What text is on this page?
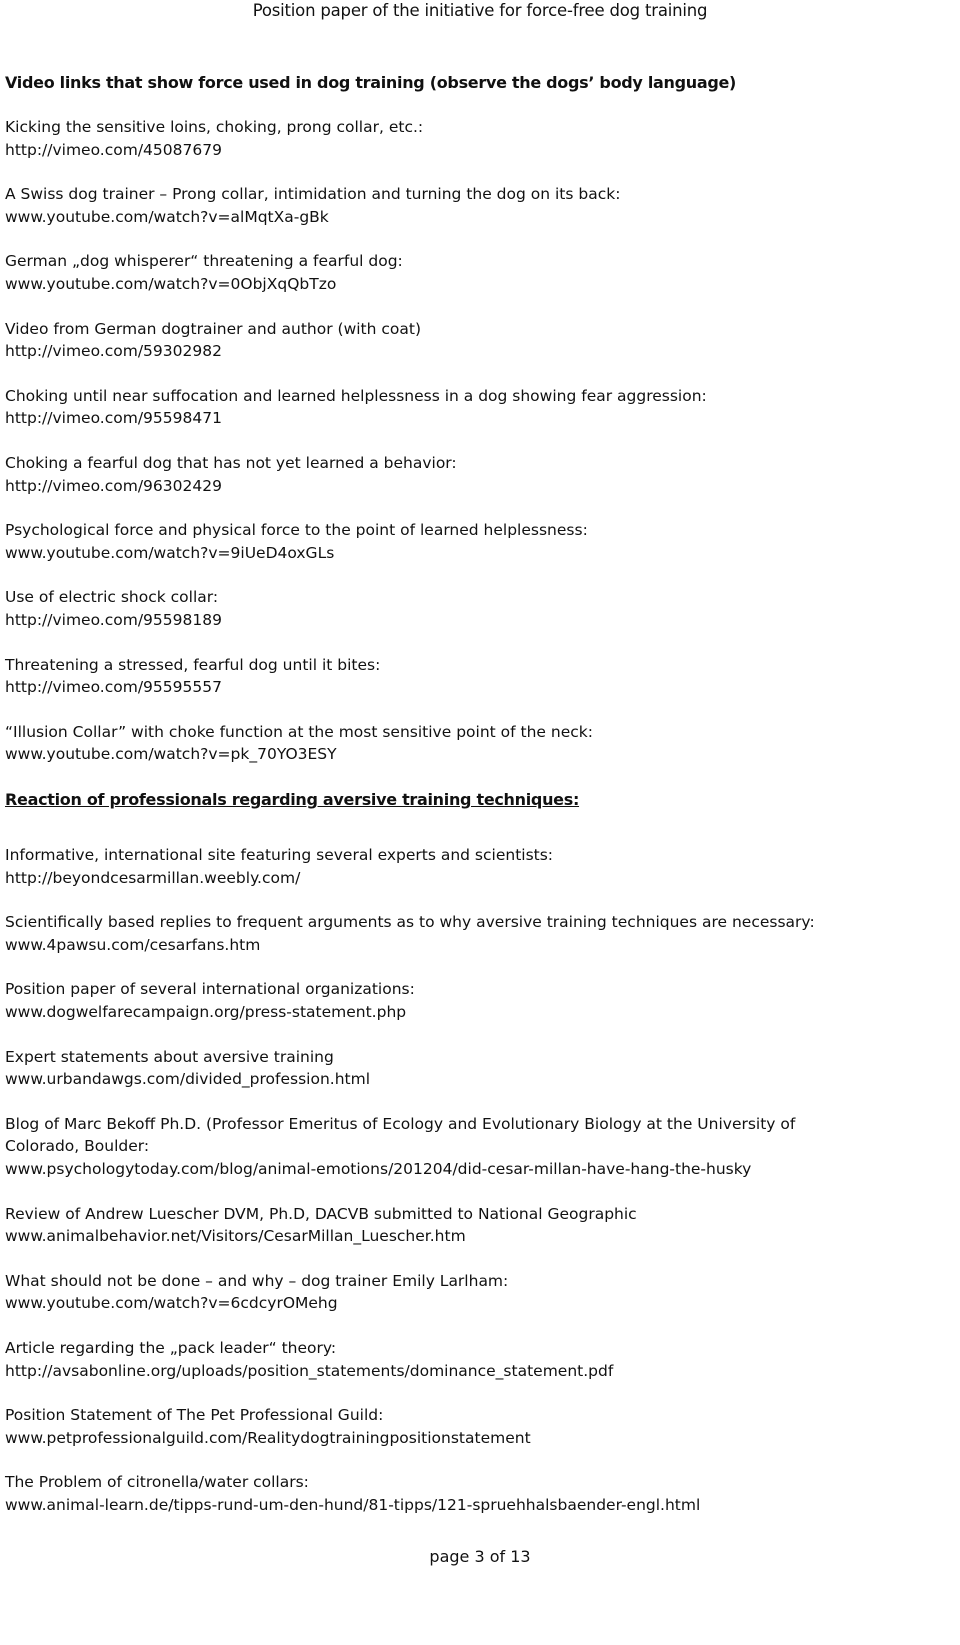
Position paper of the initiative for force-free dog training
Video links that show force used in dog training (observe the dogs’ body language)
Kicking the sensitive loins, choking, prong collar, etc.:
http://vimeo.com/45087679
A Swiss dog trainer – Prong collar, intimidation and turning the dog on its back:
www.youtube.com/watch?v=alMqtXa-gBk
German „dog whisperer“ threatening a fearful dog:
www.youtube.com/watch?v=0ObjXqQbTzo
Video from German dogtrainer and author (with coat)
http://vimeo.com/59302982
Choking until near suffocation and learned helplessness in a dog showing fear aggression:
http://vimeo.com/95598471
Choking a fearful dog that has not yet learned a behavior:
http://vimeo.com/96302429
Psychological force and physical force to the point of learned helplessness:
www.youtube.com/watch?v=9iUeD4oxGLs
Use of electric shock collar:
http://vimeo.com/95598189
Threatening a stressed, fearful dog until it bites:
http://vimeo.com/95595557
“Illusion Collar” with choke function at the most sensitive point of the neck:
www.youtube.com/watch?v=pk_70YO3ESY
Reaction of professionals regarding aversive training techniques:
Informative, international site featuring several experts and scientists:
http://beyondcesarmillan.weebly.com/
Scientifically based replies to frequent arguments as to why aversive training techniques are necessary:
www.4pawsu.com/cesarfans.htm
Position paper of several international organizations:
www.dogwelfarecampaign.org/press-statement.php
Expert statements about aversive training
www.urbandawgs.com/divided_profession.html
Blog of Marc Bekoff Ph.D. (Professor Emeritus of Ecology and Evolutionary Biology at the University of
Colorado, Boulder:
www.psychologytoday.com/blog/animal-emotions/201204/did-cesar-millan-have-hang-the-husky
Review of Andrew Luescher DVM, Ph.D, DACVB submitted to National Geographic
www.animalbehavior.net/Visitors/CesarMillan_Luescher.htm
What should not be done – and why – dog trainer Emily Larlham:
www.youtube.com/watch?v=6cdcyrOMehg
Article regarding the „pack leader“ theory:
http://avsabonline.org/uploads/position_statements/dominance_statement.pdf
Position Statement of The Pet Professional Guild:
www.petprofessionalguild.com/Realitydogtrainingpositionstatement
The Problem of citronella/water collars:
www.animal-learn.de/tipps-rund-um-den-hund/81-tipps/121-spruehhalsbaender-engl.html
page 3 of 13
